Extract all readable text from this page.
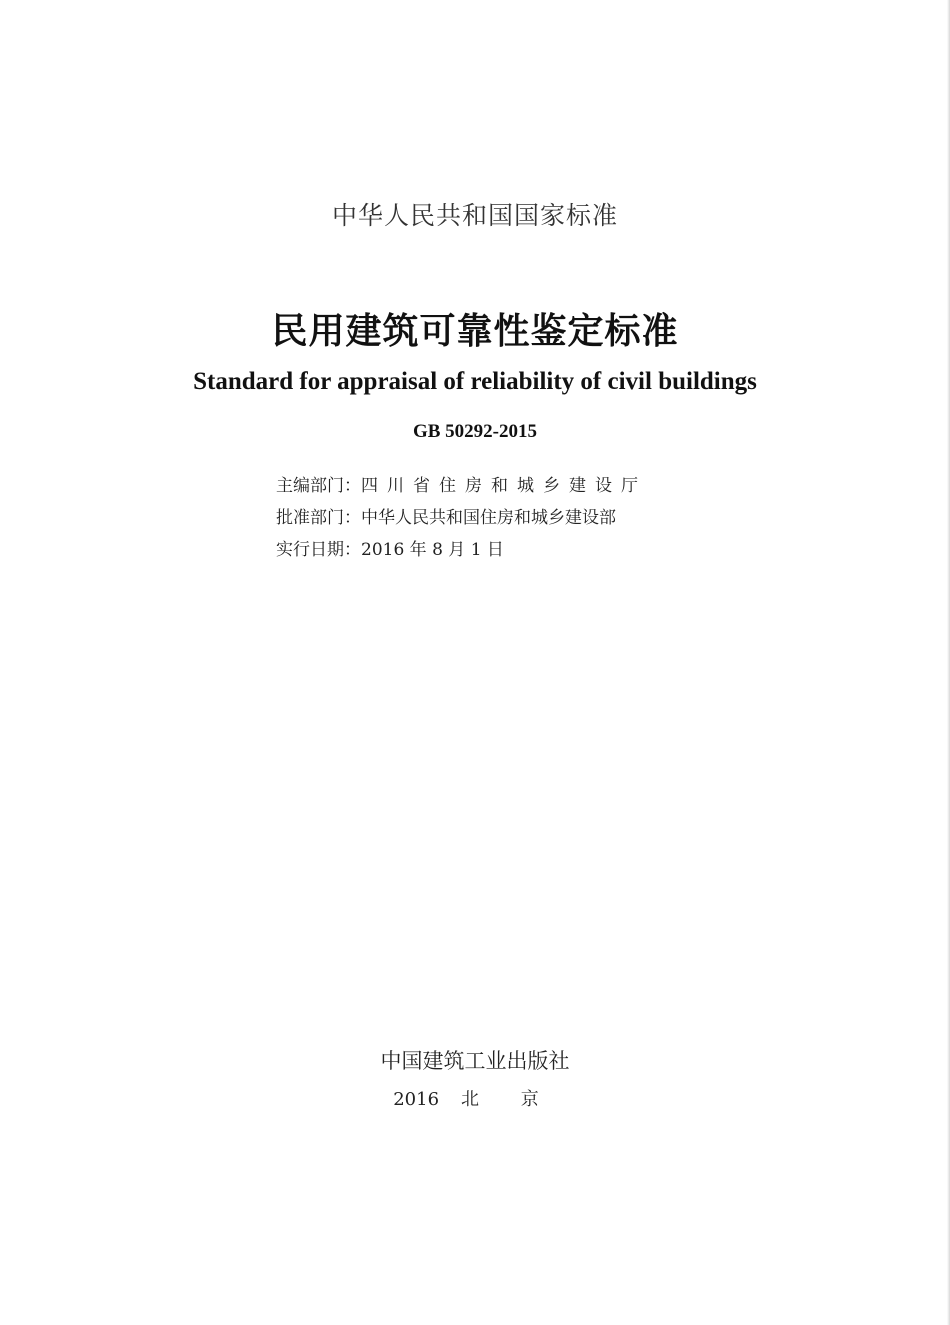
中华人民共和国国家标准
民用建筑可靠性鉴定标准
Standard for appraisal of reliability of civil buildings
GB 50292-2015
主编部门：四川省住房和城乡建设厅
批准部门：中华人民共和国住房和城乡建设部
实行日期：2016 年 8 月 1 日
中国建筑工业出版社
2016 北 京
